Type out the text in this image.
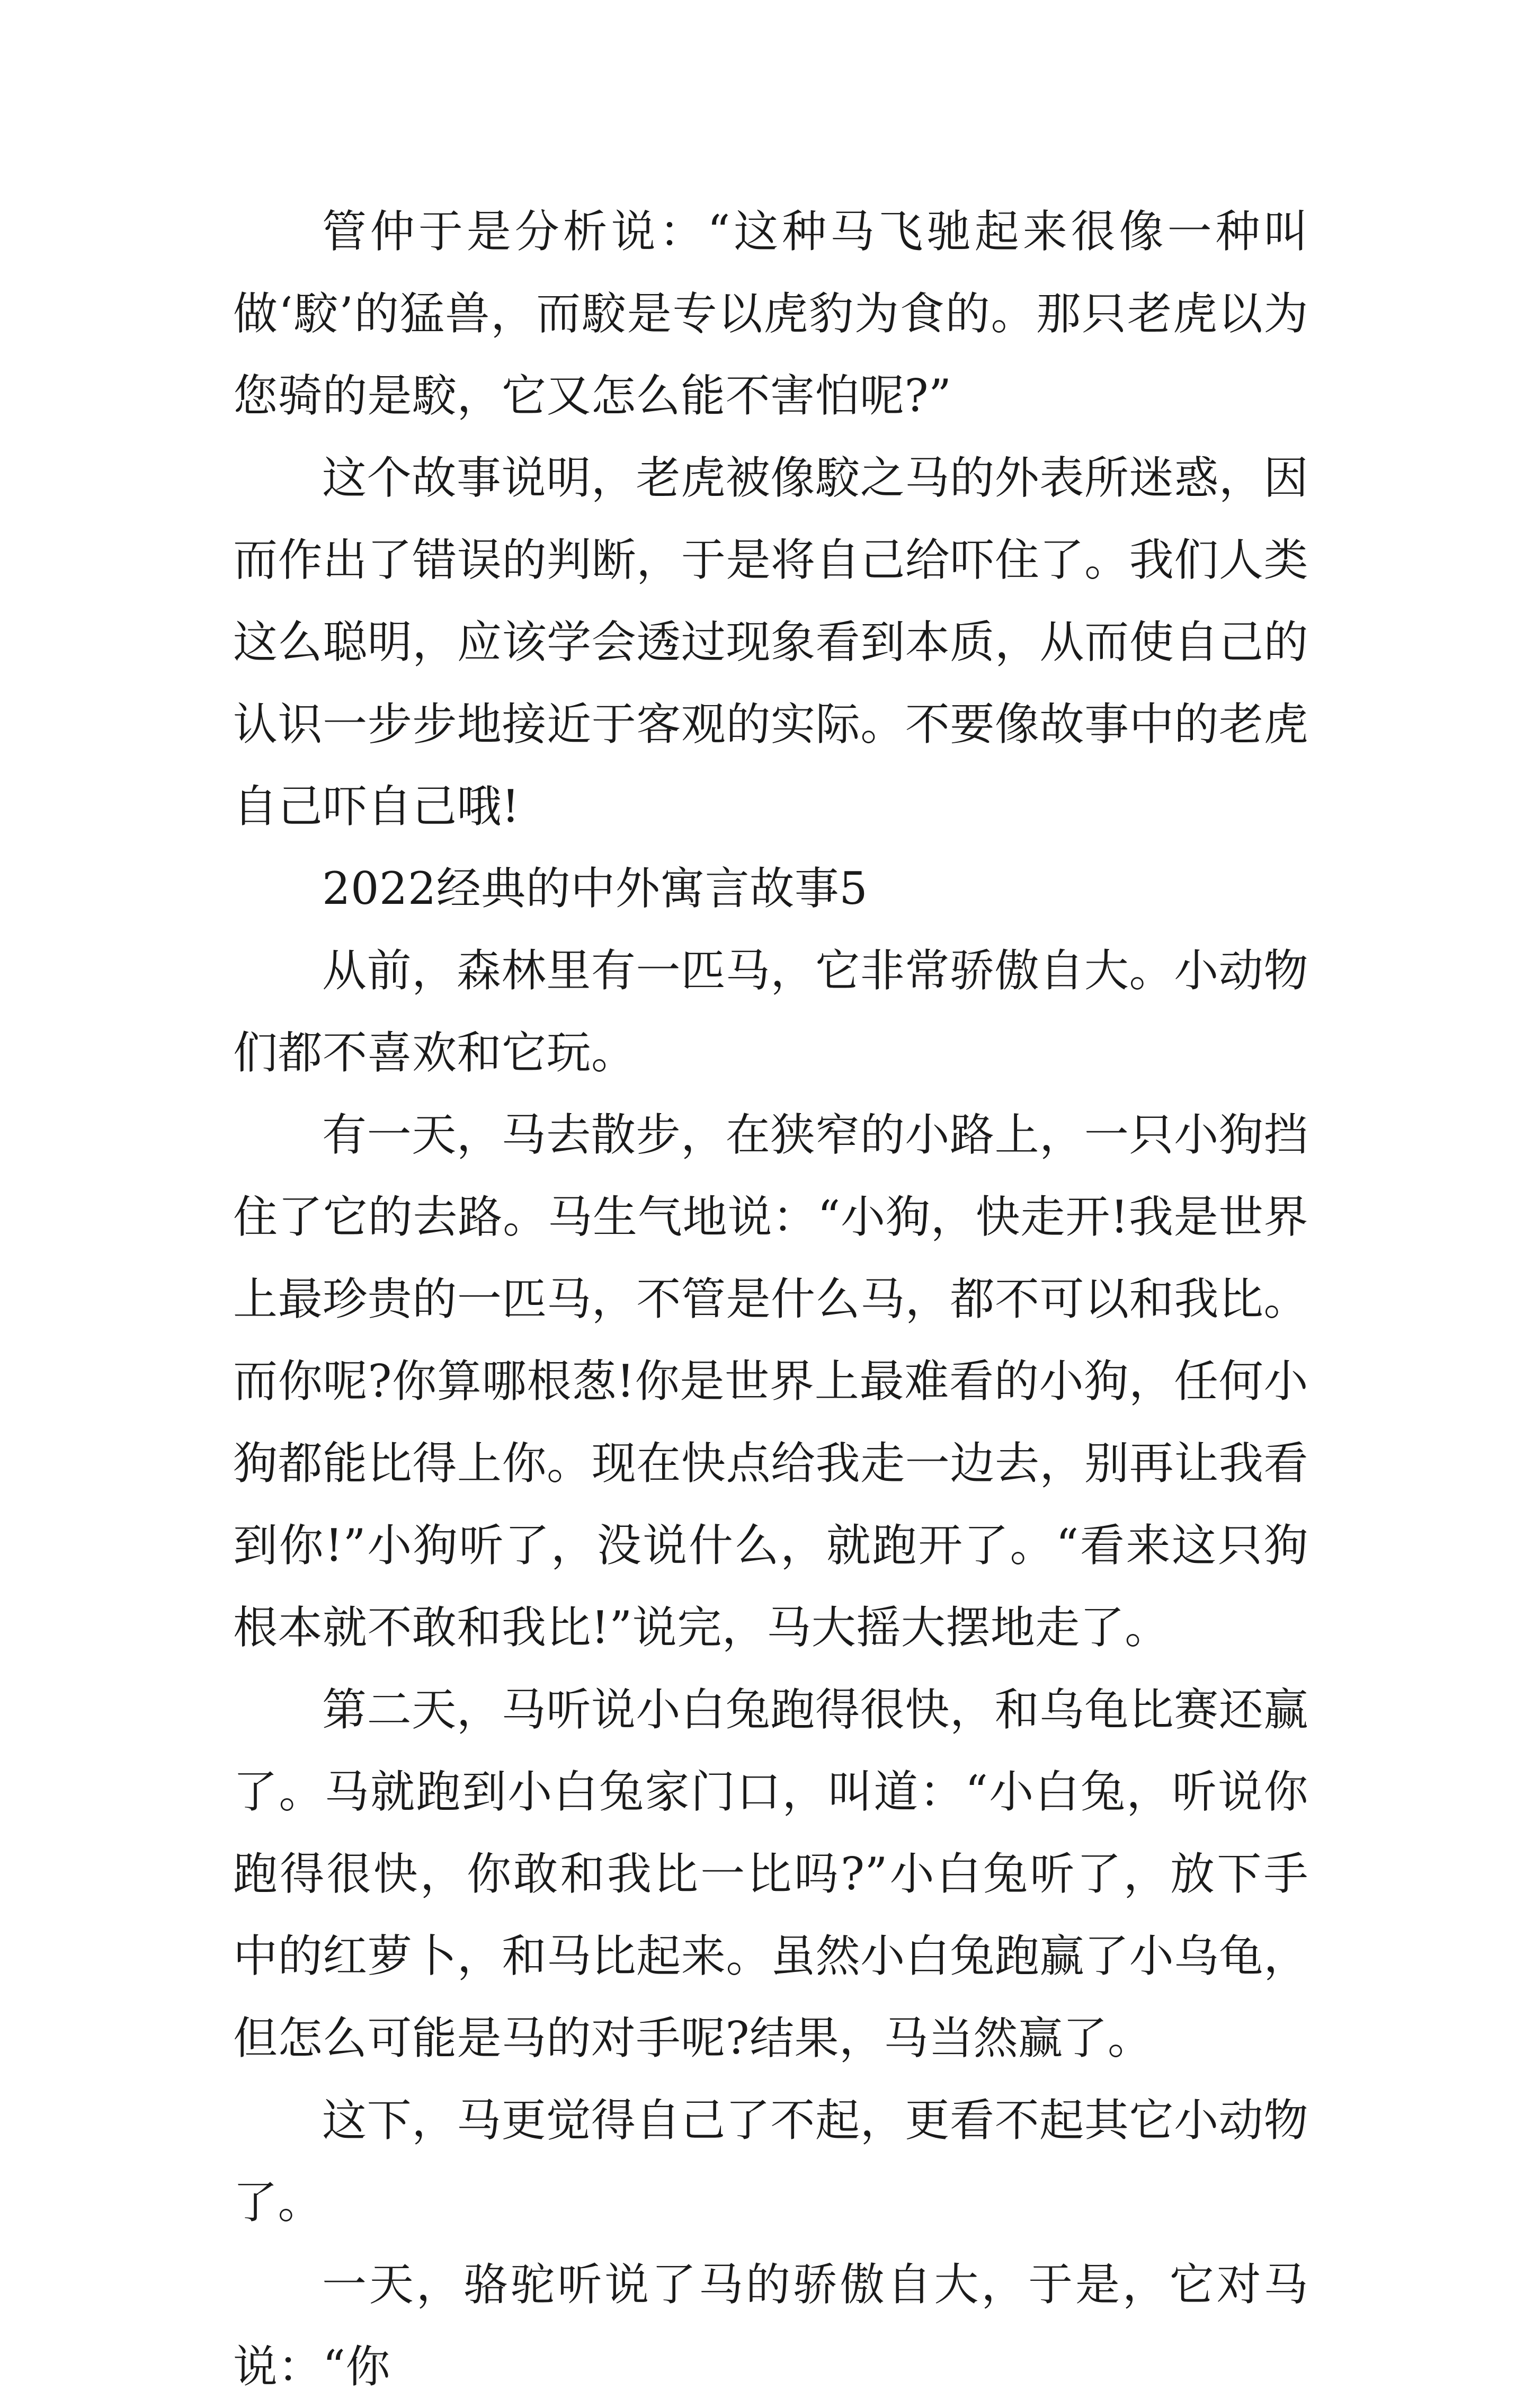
管仲于是分析说：“这种马飞驰起来很像一种叫做‘駮’的猛兽，而駮是专以虎豹为食的。那只老虎以为您骑的是駮，它又怎么能不害怕呢?”

这个故事说明，老虎被像駮之马的外表所迷惑，因而作出了错误的判断，于是将自己给吓住了。我们人类这么聪明，应该学会透过现象看到本质，从而使自己的认识一步步地接近于客观的实际。不要像故事中的老虎自己吓自己哦!

2022经典的中外寓言故事5

从前，森林里有一匹马，它非常骄傲自大。小动物们都不喜欢和它玩。

有一天，马去散步，在狭窄的小路上，一只小狗挡住了它的去路。马生气地说：“小狗，快走开!我是世界上最珍贵的一匹马，不管是什么马，都不可以和我比。而你呢?你算哪根葱!你是世界上最难看的小狗，任何小狗都能比得上你。现在快点给我走一边去，别再让我看到你!”小狗听了，没说什么，就跑开了。“看来这只狗根本就不敢和我比!”说完，马大摇大摆地走了。

第二天，马听说小白兔跑得很快，和乌龟比赛还赢了。马就跑到小白兔家门口，叫道：“小白兔，听说你跑得很快，你敢和我比一比吗?”小白兔听了，放下手中的红萝卜，和马比起来。虽然小白兔跑赢了小乌龟，但怎么可能是马的对手呢?结果，马当然赢了。

这下，马更觉得自己了不起，更看不起其它小动物了。

一天，骆驼听说了马的骄傲自大，于是，它对马说：“你
